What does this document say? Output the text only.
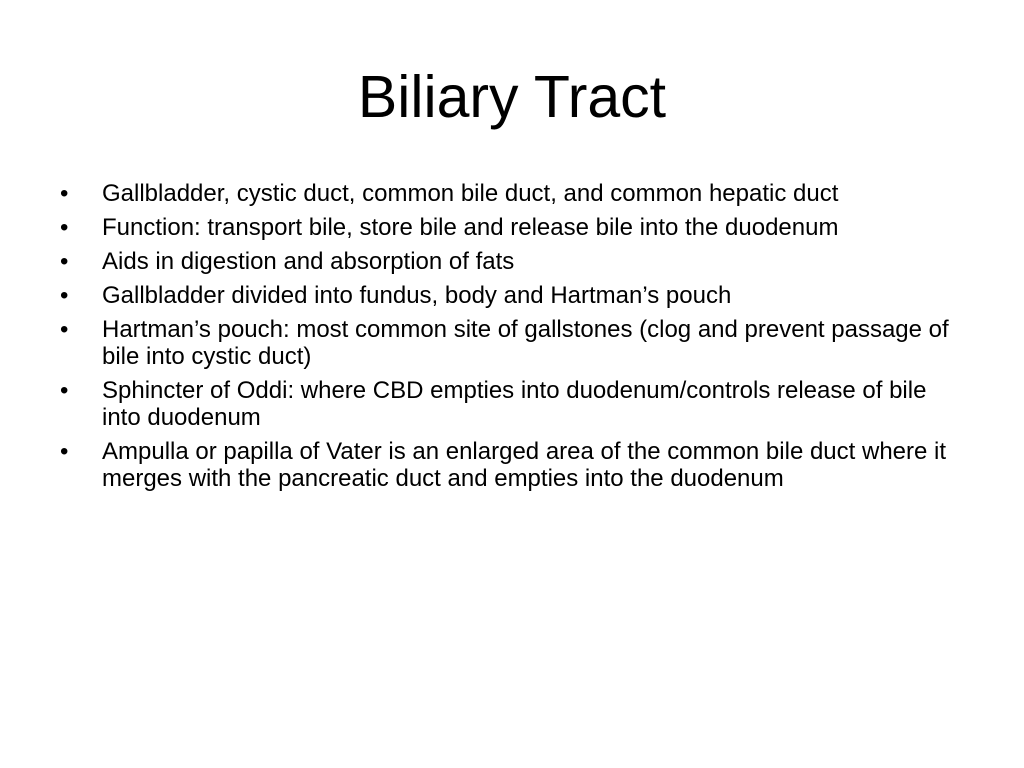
Biliary Tract
•	Gallbladder, cystic duct, common bile duct, and common hepatic duct
•	Function: transport bile, store bile and release bile into the duodenum
•	Aids in digestion and absorption of fats
•	Gallbladder divided into fundus, body and Hartman’s pouch
•	Hartman’s pouch: most common site of gallstones (clog and prevent passage of bile into cystic duct)
•	Sphincter of Oddi: where CBD empties into duodenum/controls release of bile into duodenum
•	Ampulla or papilla of Vater is an enlarged area of the common bile duct where it merges with the pancreatic duct and empties into the duodenum
